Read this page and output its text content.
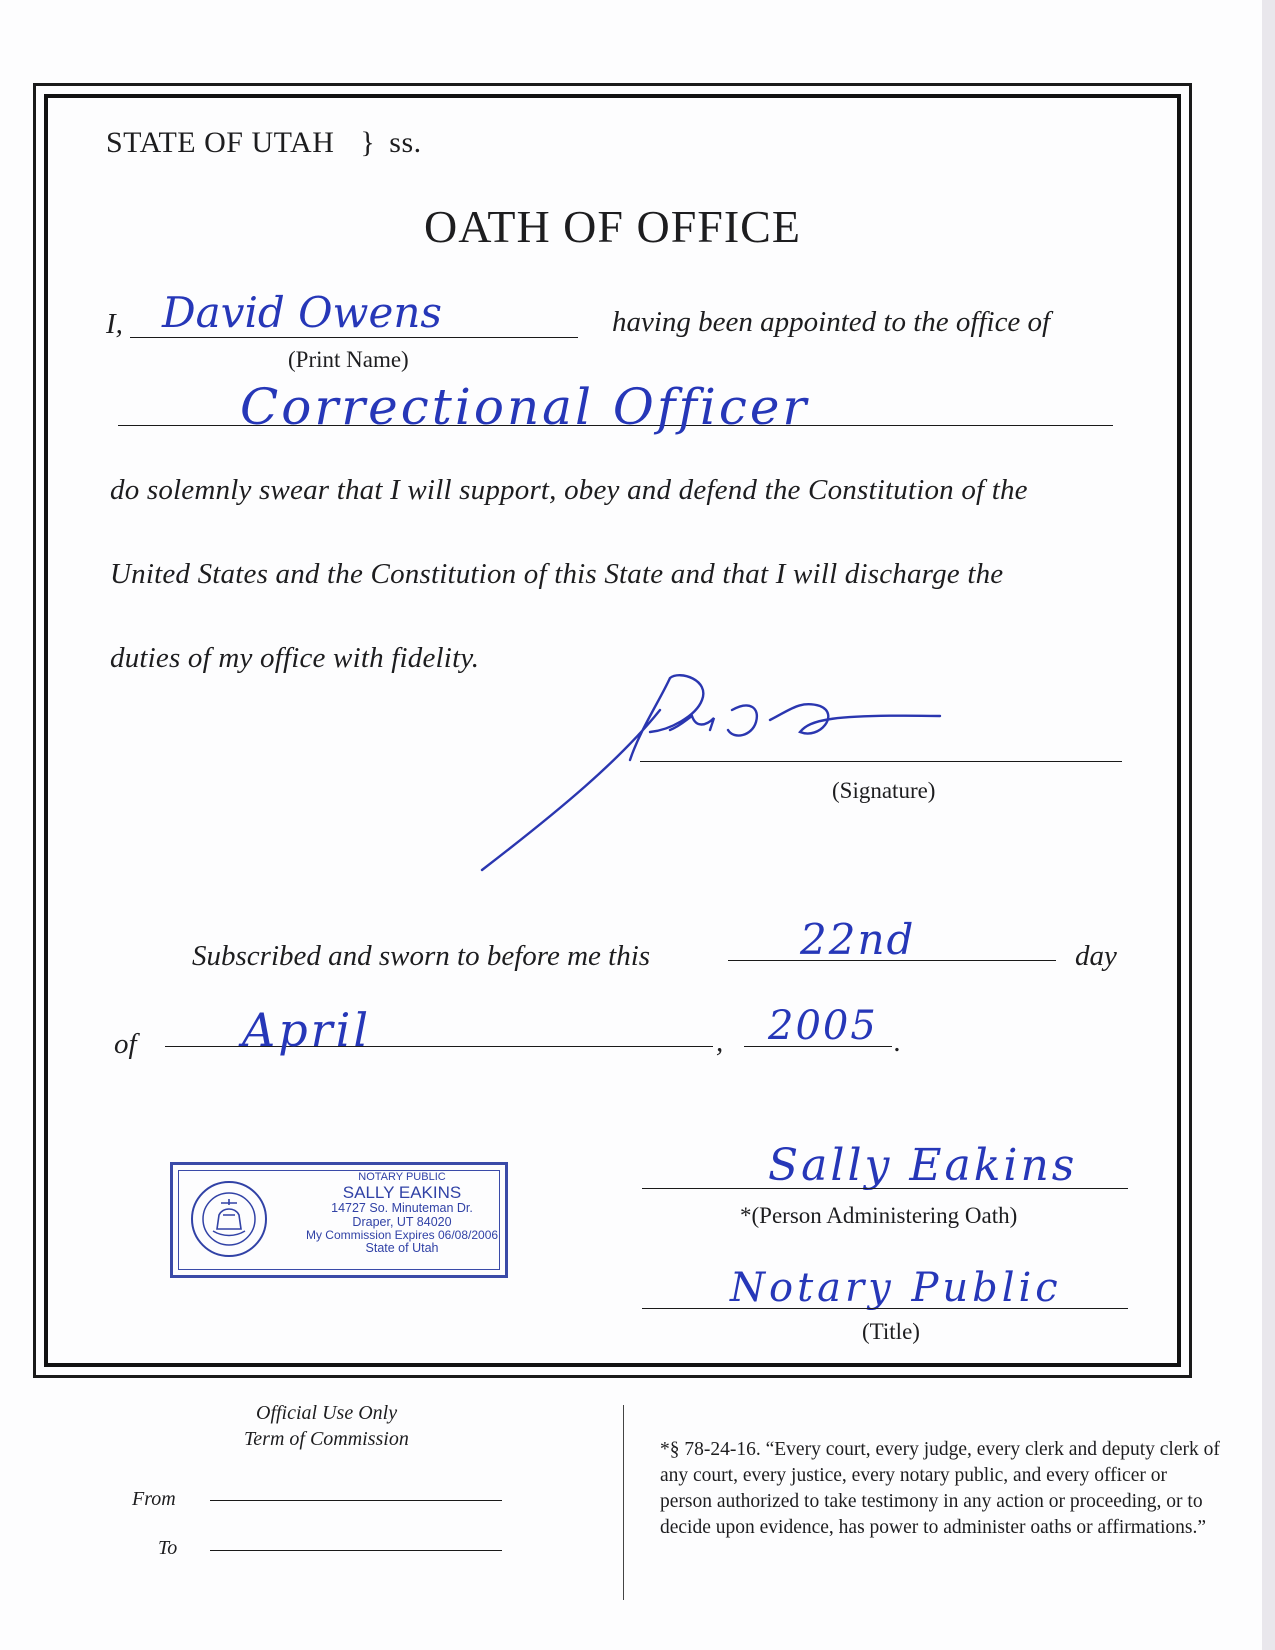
STATE OF UTAH } ss.
OATH OF OFFICE
I, David Owens
(Print Name)
having been appointed to the office of
Correctional Officer
do solemnly swear that I will support, obey and defend the Constitution of the
United States and the Constitution of this State and that I will discharge the
duties of my office with fidelity.
(Signature)
Subscribed and sworn to before me this	22nd	day
of April	, 2005 .
NOTARY PUBLIC
SALLY EAKINS
14727 So. Minuteman Dr.
Draper, UT 84020
My Commission Expires 06/08/2006
State of Utah
Sally Eakins
*(Person Administering Oath)
Notary Public
(Title)
Official Use Only
Term of Commission
From
To
*§ 78-24-16. “Every court, every judge, every clerk and deputy clerk of any court, every justice, every notary public, and every officer or person authorized to take testimony in any action or proceeding, or to decide upon evidence, has power to administer oaths or affirmations.”
